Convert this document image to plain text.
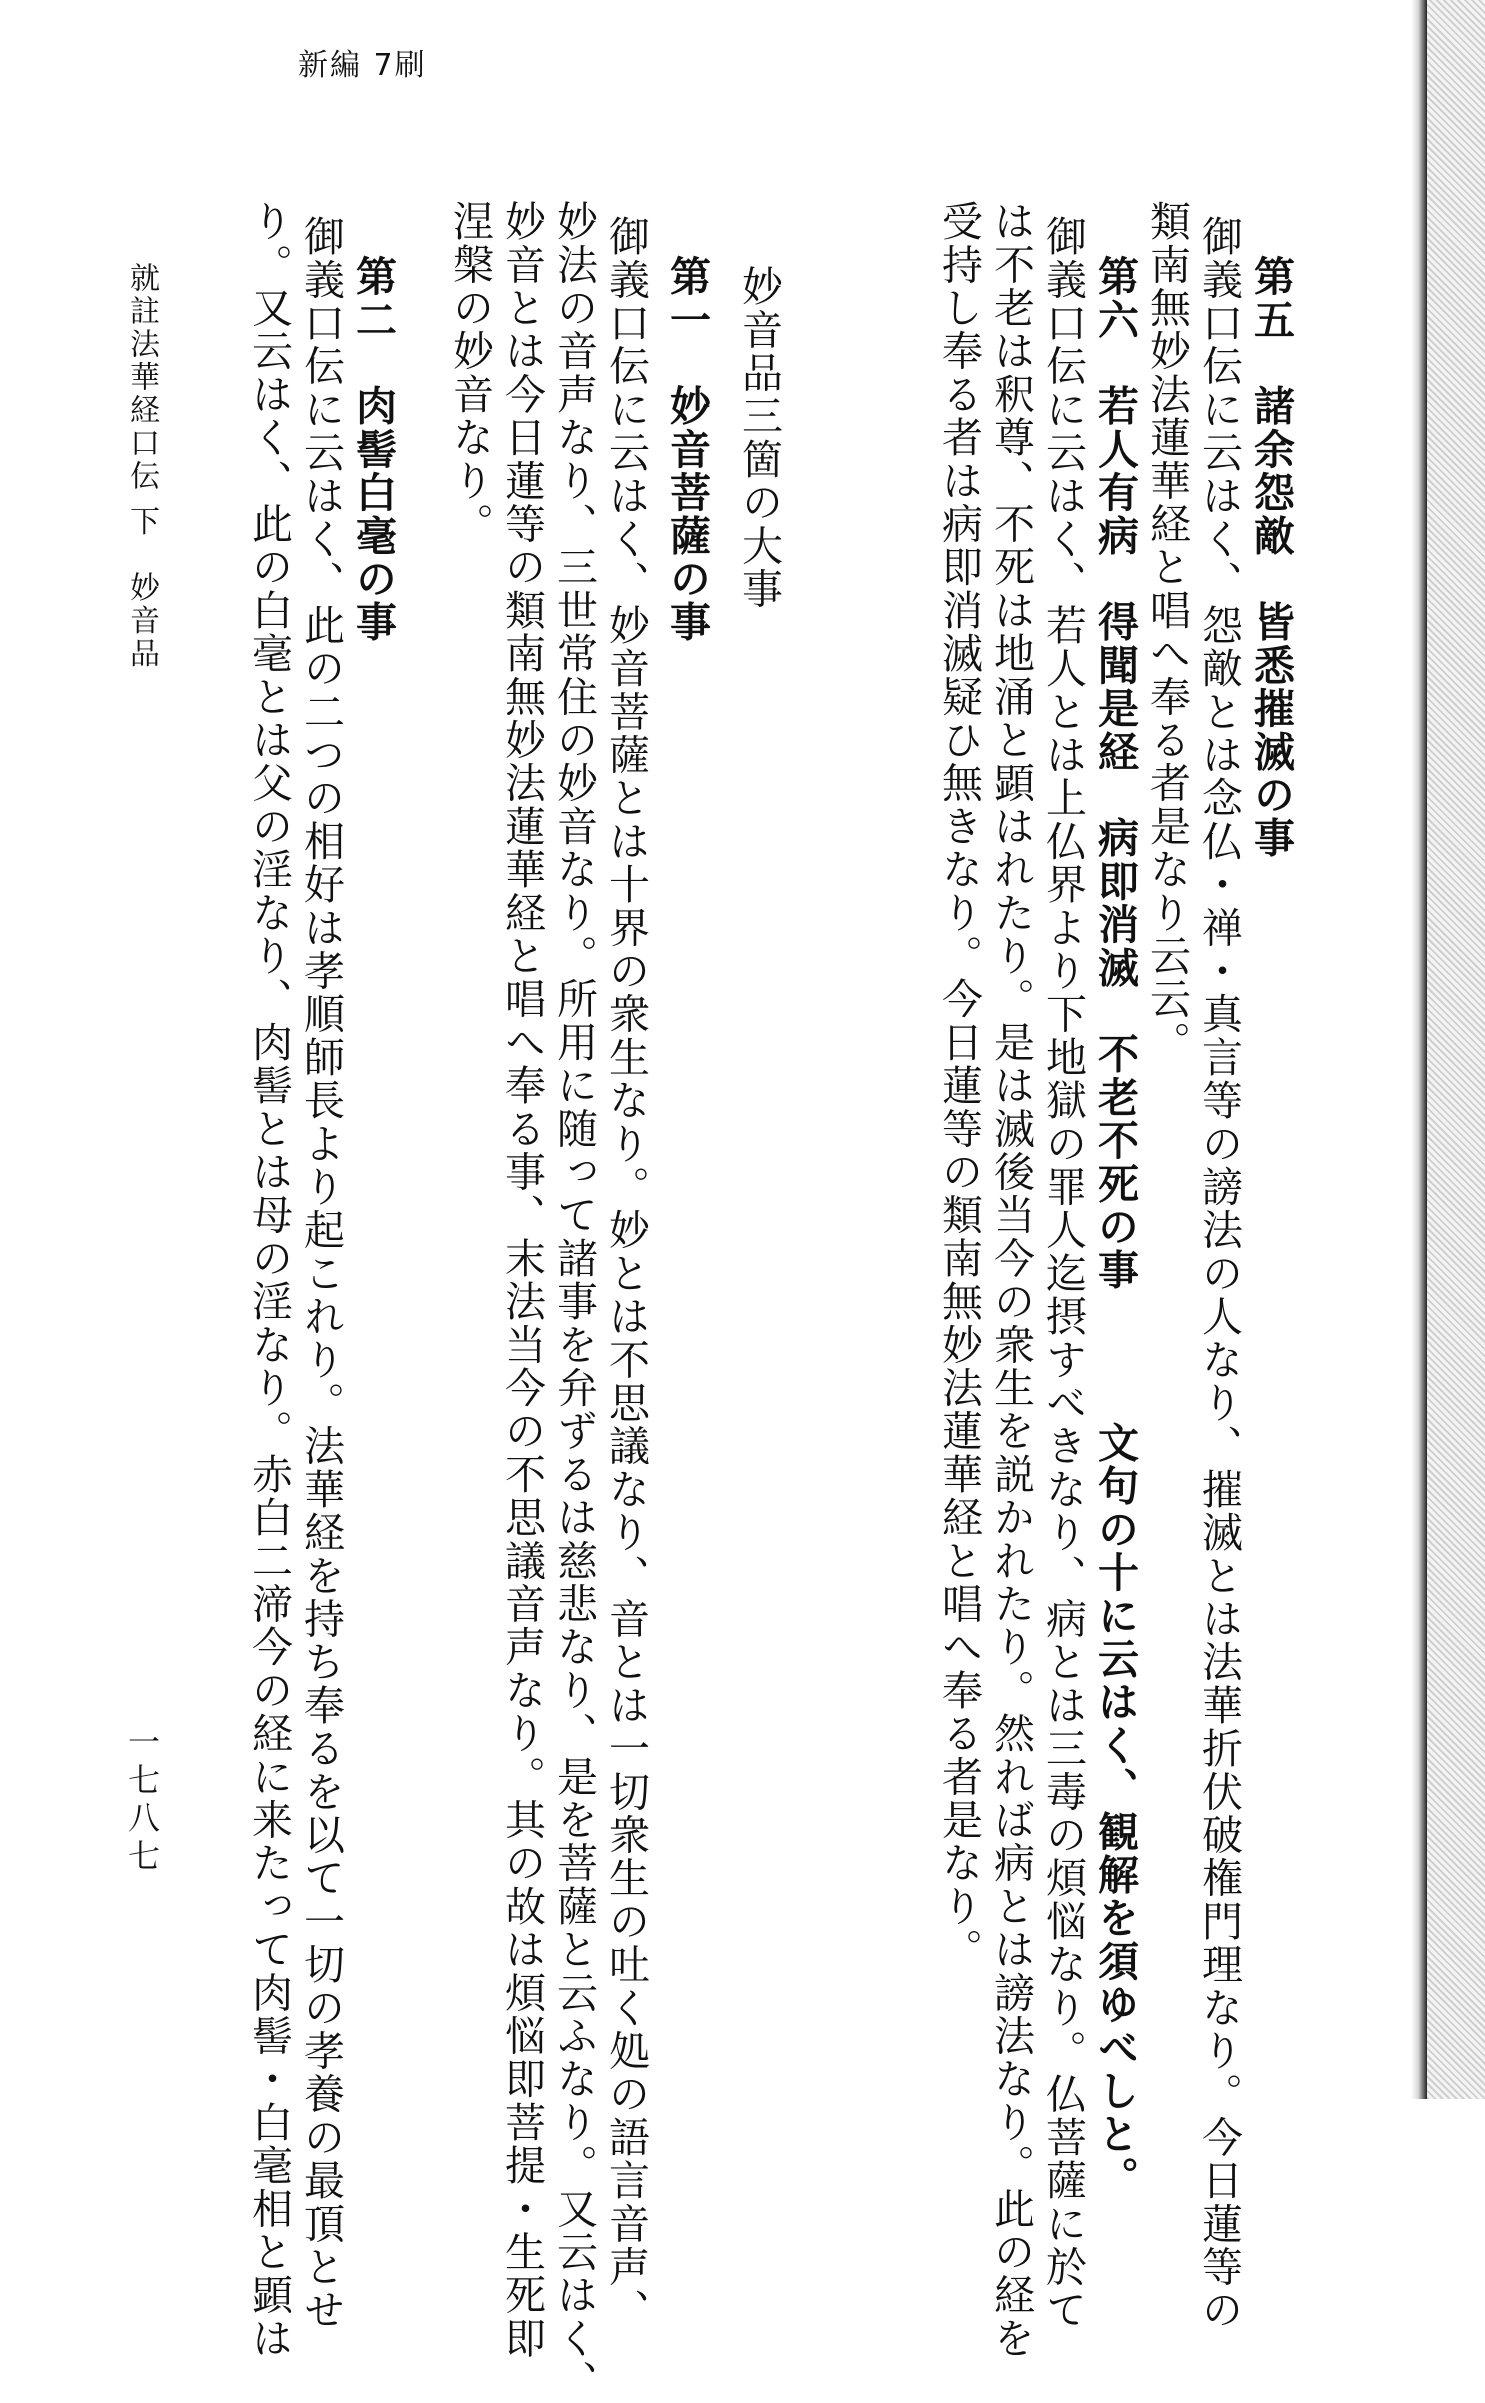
新編 7刷
第五　諸余怨敵　皆悉摧滅の事
御義口伝に云はく、怨敵とは念仏・禅・真言等の謗法の人なり、摧滅とは法華折伏破権門理なり。今日蓮等の
類南無妙法蓮華経と唱へ奉る者是なり云云。
第六　若人有病　得聞是経　病即消滅　不老不死の事　　　文句の十に云はく、観解を須ゆべしと。
御義口伝に云はく、若人とは上仏界より下地獄の罪人迄摂すべきなり、病とは三毒の煩悩なり。仏菩薩に於て
は不老は釈尊、不死は地涌と顕はれたり。是は滅後当今の衆生を説かれたり。然れば病とは謗法なり。此の経を
受持し奉る者は病即消滅疑ひ無きなり。今日蓮等の類南無妙法蓮華経と唱へ奉る者是なり。
妙音品三箇の大事
第一　妙音菩薩の事
御義口伝に云はく、妙音菩薩とは十界の衆生なり。妙とは不思議なり、音とは一切衆生の吐く処の語言音声、
妙法の音声なり、三世常住の妙音なり。所用に随って諸事を弁ずるは慈悲なり、是を菩薩と云ふなり。又云はく、
妙音とは今日蓮等の類南無妙法蓮華経と唱へ奉る事、末法当今の不思議音声なり。其の故は煩悩即菩提・生死即
涅槃の妙音なり。
第二　肉髻白毫の事
御義口伝に云はく、此の二つの相好は孝順師長より起これり。法華経を持ち奉るを以て一切の孝養の最頂とせ
り。又云はく、此の白毫とは父の淫なり、肉髻とは母の淫なり。赤白二渧今の経に来たって肉髻・白毫相と顕は
就註法華経口伝 下　妙音品
一七八七
